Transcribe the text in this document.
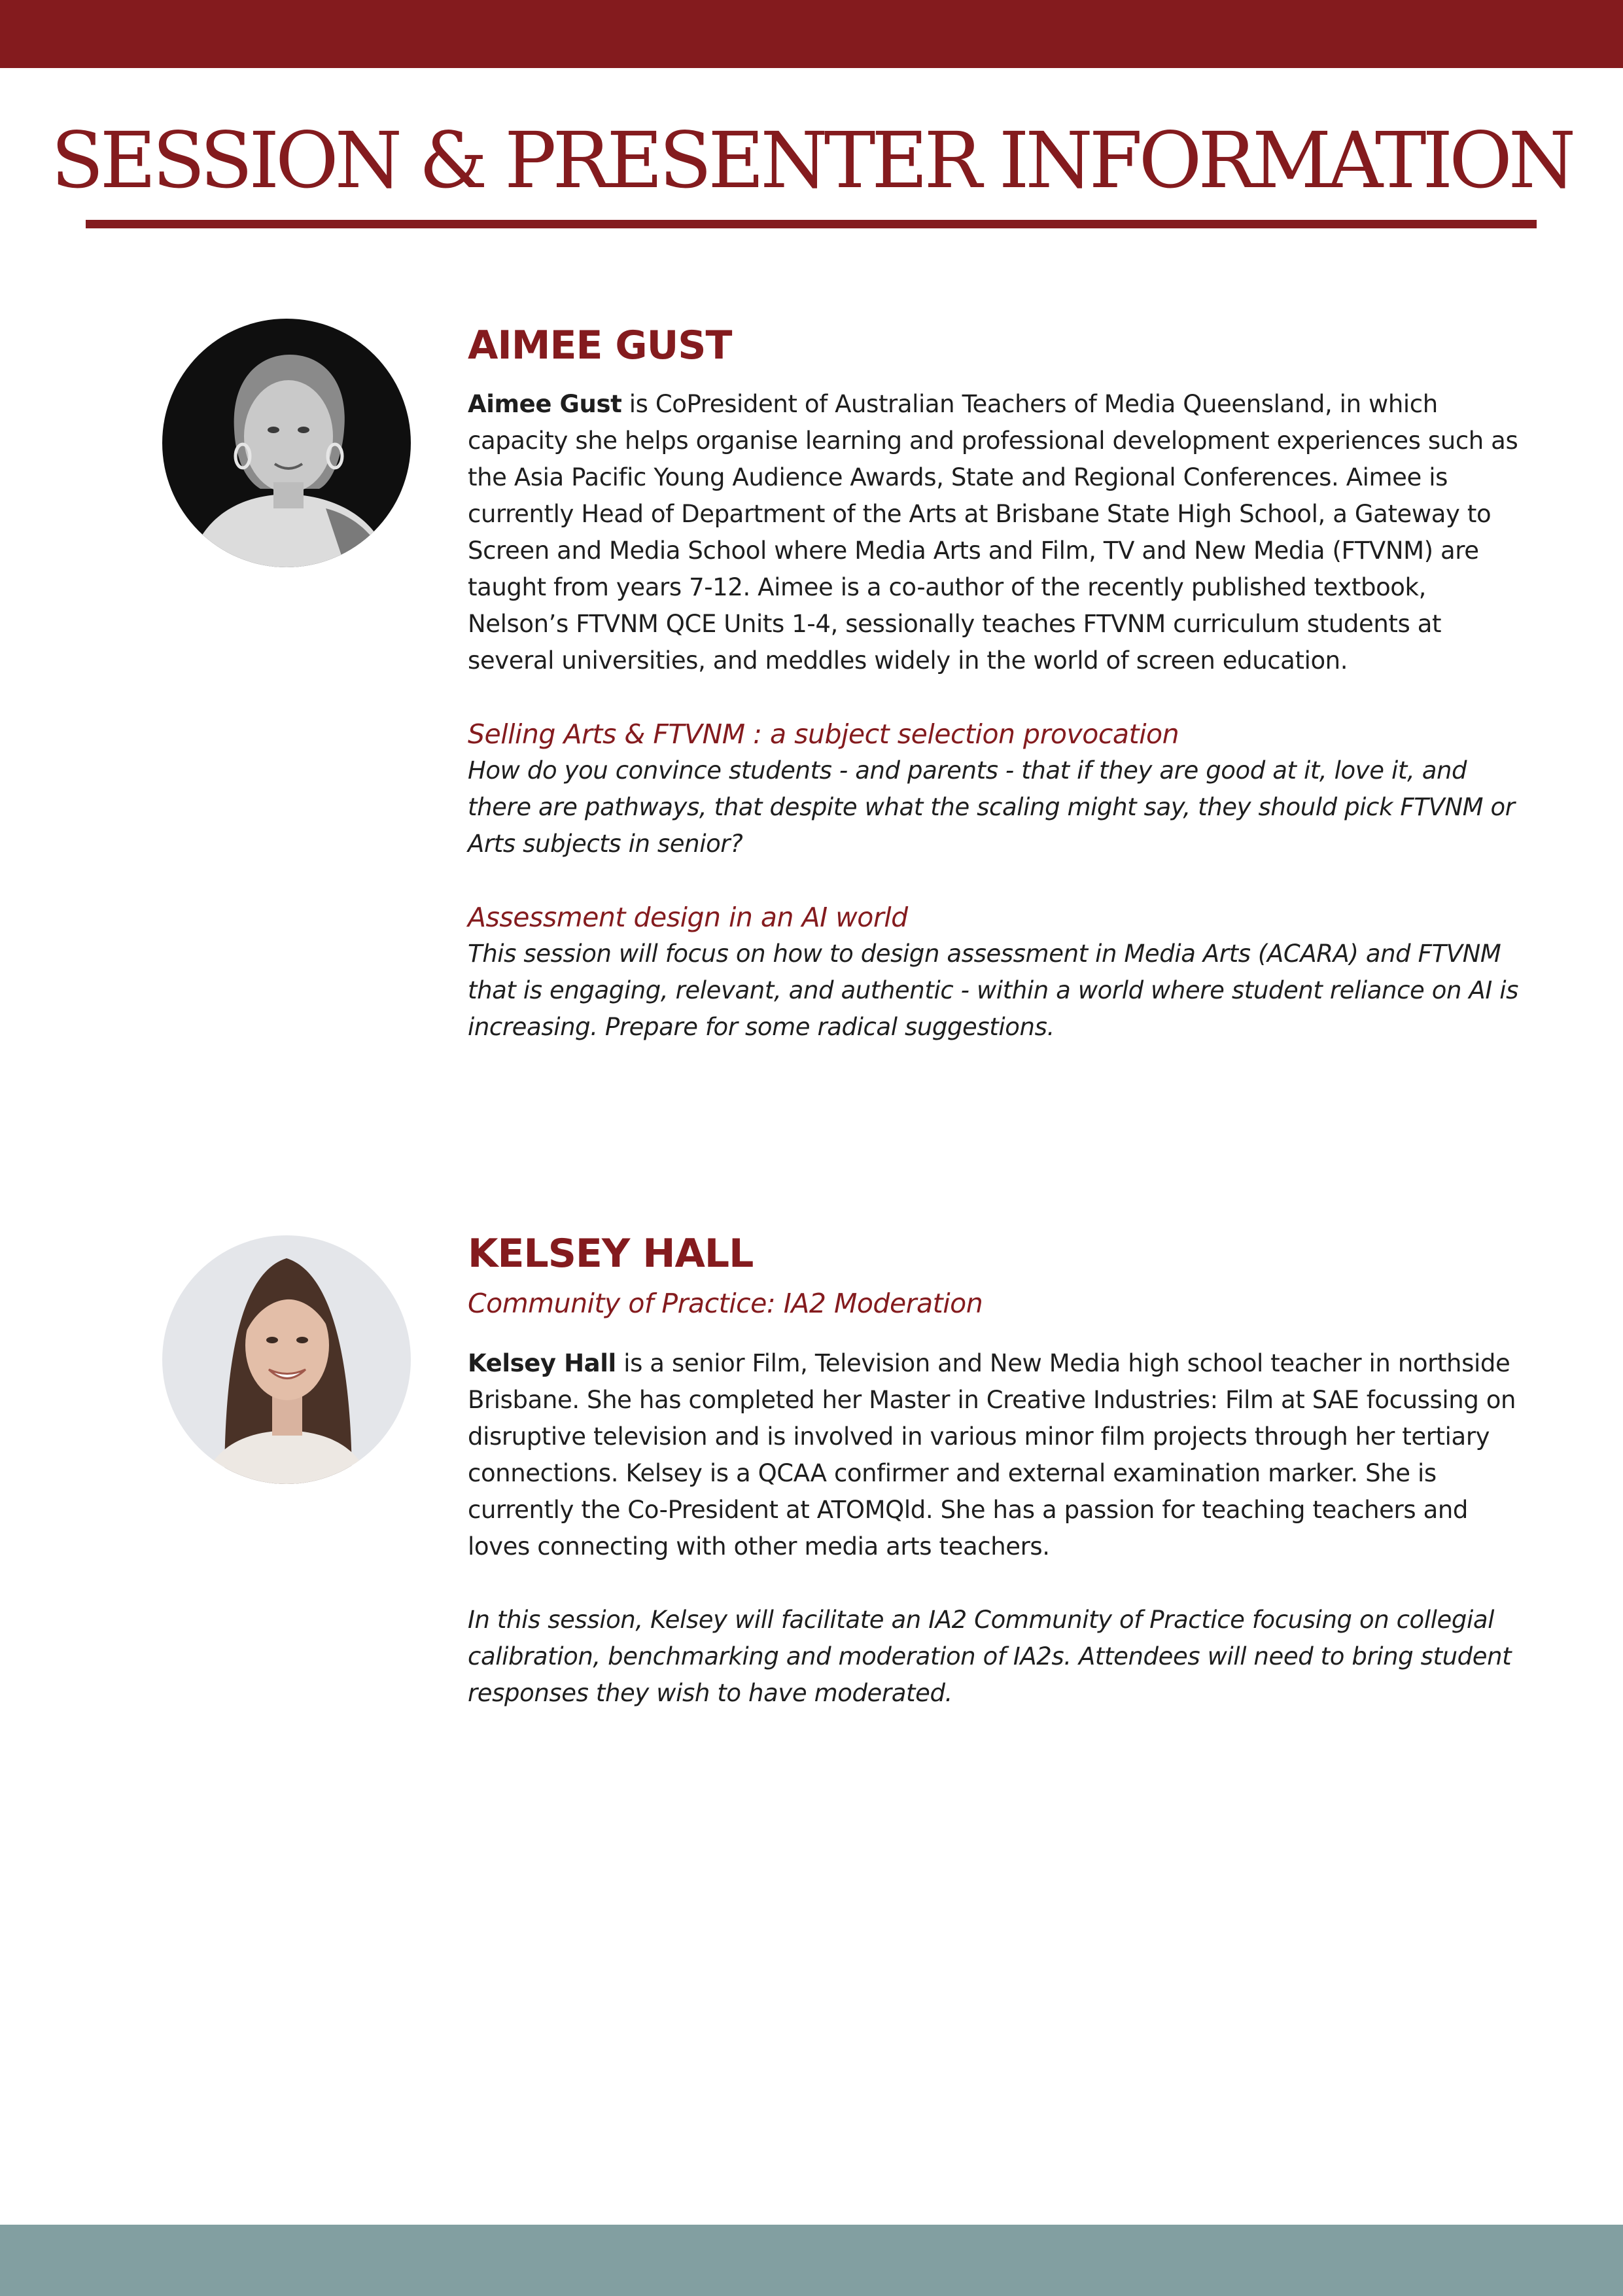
SESSION & PRESENTER INFORMATION
AIMEE GUST

Aimee Gust is CoPresident of Australian Teachers of Media Queensland, in which capacity she helps organise learning and professional development experiences such as the Asia Pacific Young Audience Awards, State and Regional Conferences. Aimee is currently Head of Department of the Arts at Brisbane State High School, a Gateway to Screen and Media School where Media Arts and Film, TV and New Media (FTVNM) are taught from years 7-12. Aimee is a co-author of the recently published textbook, Nelson’s FTVNM QCE Units 1-4, sessionally teaches FTVNM curriculum students at several universities, and meddles widely in the world of screen education.

Selling Arts & FTVNM : a subject selection provocation

How do you convince students - and parents - that if they are good at it, love it, and there are pathways, that despite what the scaling might say, they should pick FTVNM or Arts subjects in senior?

Assessment design in an AI world

This session will focus on how to design assessment in Media Arts (ACARA) and FTVNM that is engaging, relevant, and authentic - within a world where student reliance on AI is increasing. Prepare for some radical suggestions.

KELSEY HALL

Community of Practice: IA2 Moderation

Kelsey Hall is a senior Film, Television and New Media high school teacher in northside Brisbane. She has completed her Master in Creative Industries: Film at SAE focussing on disruptive television and is involved in various minor film projects through her tertiary connections. Kelsey is a QCAA confirmer and external examination marker. She is currently the Co-President at ATOMQld. She has a passion for teaching teachers and loves connecting with other media arts teachers.

In this session, Kelsey will facilitate an IA2 Community of Practice focusing on collegial calibration, benchmarking and moderation of IA2s. Attendees will need to bring student responses they wish to have moderated.
